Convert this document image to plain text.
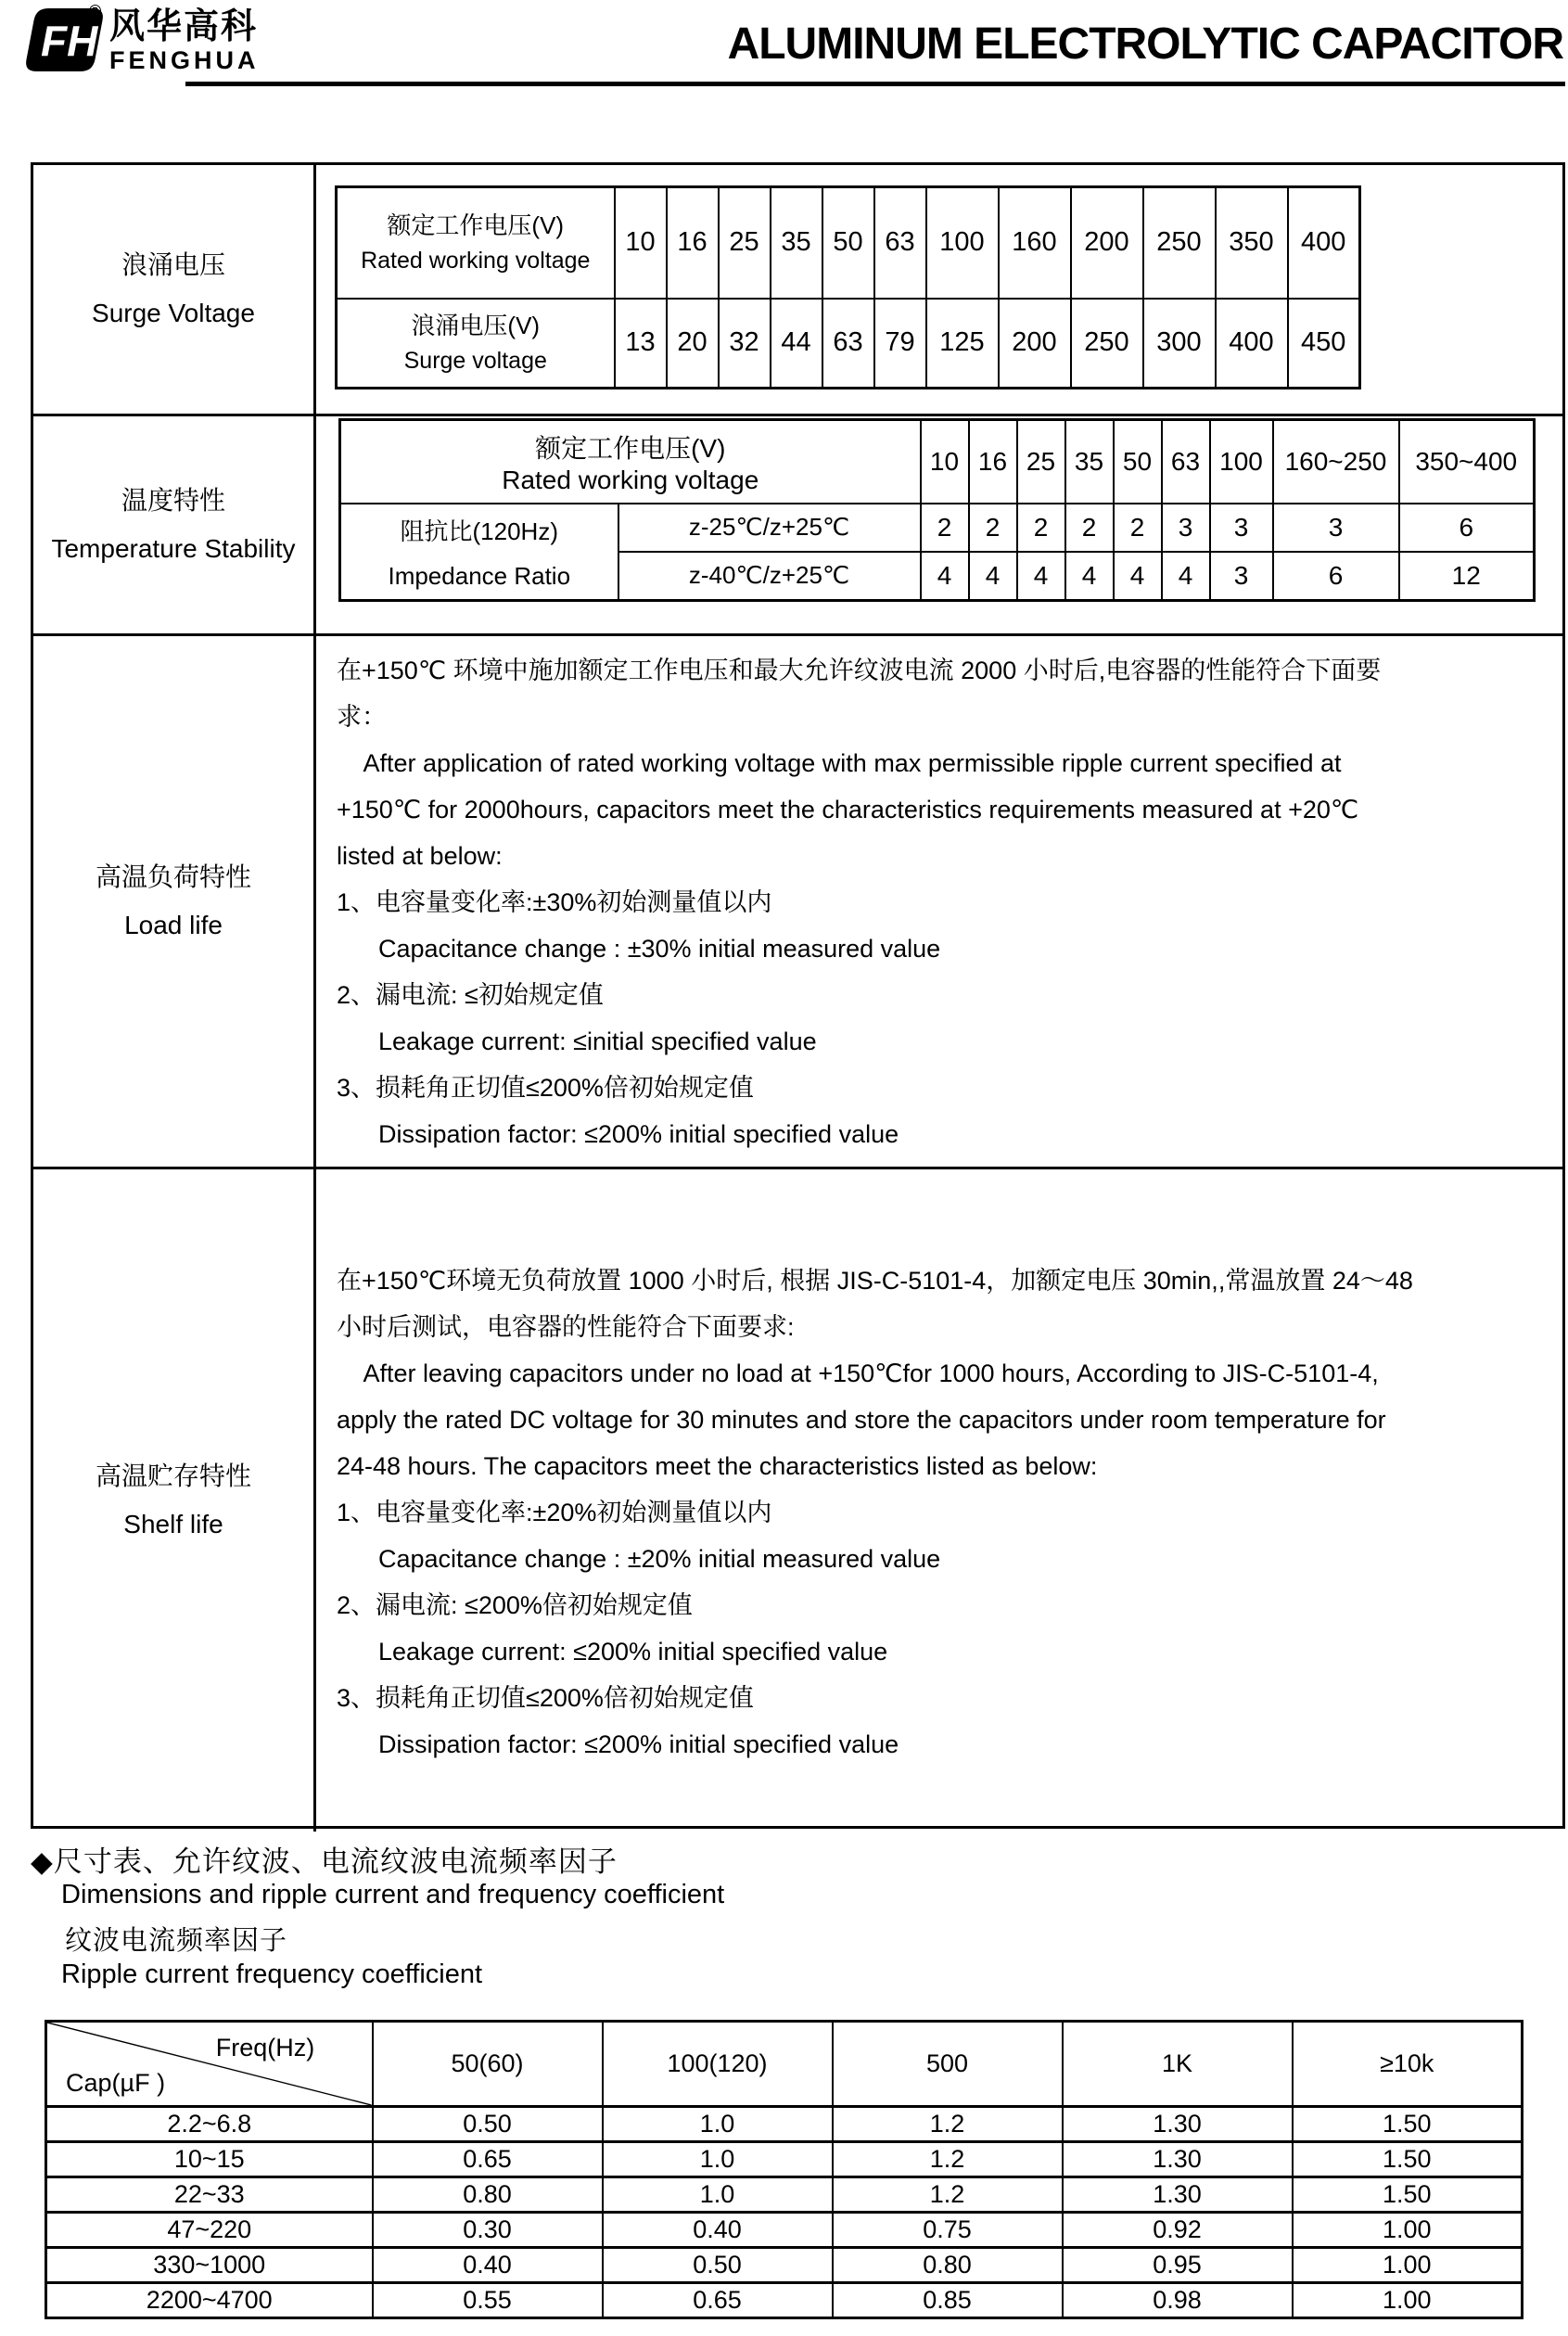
FH
® 风华高科
FENGHUA	ALUMINUM ELECTROLYTIC CAPACITOR
浪涌电压
Surge Voltage
额定工作电压(V)
Rated working voltage	10	16	25	35	50	63	100	160	200	250	350	400

浪涌电压(V)
Surge voltage	13	20	32	44	63	79	125	200	250	300	400	450
温度特性
Temperature Stability
额定工作电压(V)
Rated working voltage		10	16	25	35	50	63	100	160~250	350~400

阻抗比(120Hz)
Impedance Ratio	z-25℃/z+25℃	2	2	2	2	2	3	3	3	6
	z-40℃/z+25℃	4	4	4	4	4	4	3	6	12
高温负荷特性
Load life
在+150℃ 环境中施加额定工作电压和最大允许纹波电流 2000 小时后,电容器的性能符合下面要
求：
After application of rated working voltage with max permissible ripple current specified at
+150℃ for 2000hours, capacitors meet the characteristics requirements measured at +20℃
listed at below:
1、电容量变化率:±30%初始测量值以内
Capacitance change : ±30% initial measured value
2、漏电流: ≤初始规定值
Leakage current: ≤initial specified value
3、损耗角正切值≤200%倍初始规定值
Dissipation factor: ≤200% initial specified value
高温贮存特性
Shelf life
在+150℃环境无负荷放置 1000 小时后, 根据 JIS-C-5101-4，加额定电压 30min,,常温放置 24～48
小时后测试，电容器的性能符合下面要求:
After leaving capacitors under no load at +150℃for 1000 hours, According to JIS-C-5101-4,
apply the rated DC voltage for 30 minutes and store the capacitors under room temperature for
24-48 hours. The capacitors meet the characteristics listed as below:
1、电容量变化率:±20%初始测量值以内
Capacitance change : ±20% initial measured value
2、漏电流: ≤200%倍初始规定值
Leakage current: ≤200% initial specified value
3、损耗角正切值≤200%倍初始规定值
Dissipation factor: ≤200% initial specified value
◆尺寸表、允许纹波、电流纹波电流频率因子
Dimensions and ripple current and frequency coefficient
纹波电流频率因子
Ripple current frequency coefficient
Freq(Hz)
Cap(µF )	50(60)	100(120)	500	1K	≥10k
2.2~6.8	0.50	1.0	1.2	1.30	1.50
10~15	0.65	1.0	1.2	1.30	1.50
22~33	0.80	1.0	1.2	1.30	1.50
47~220	0.30	0.40	0.75	0.92	1.00
330~1000	0.40	0.50	0.80	0.95	1.00
2200~4700	0.55	0.65	0.85	0.98	1.00
